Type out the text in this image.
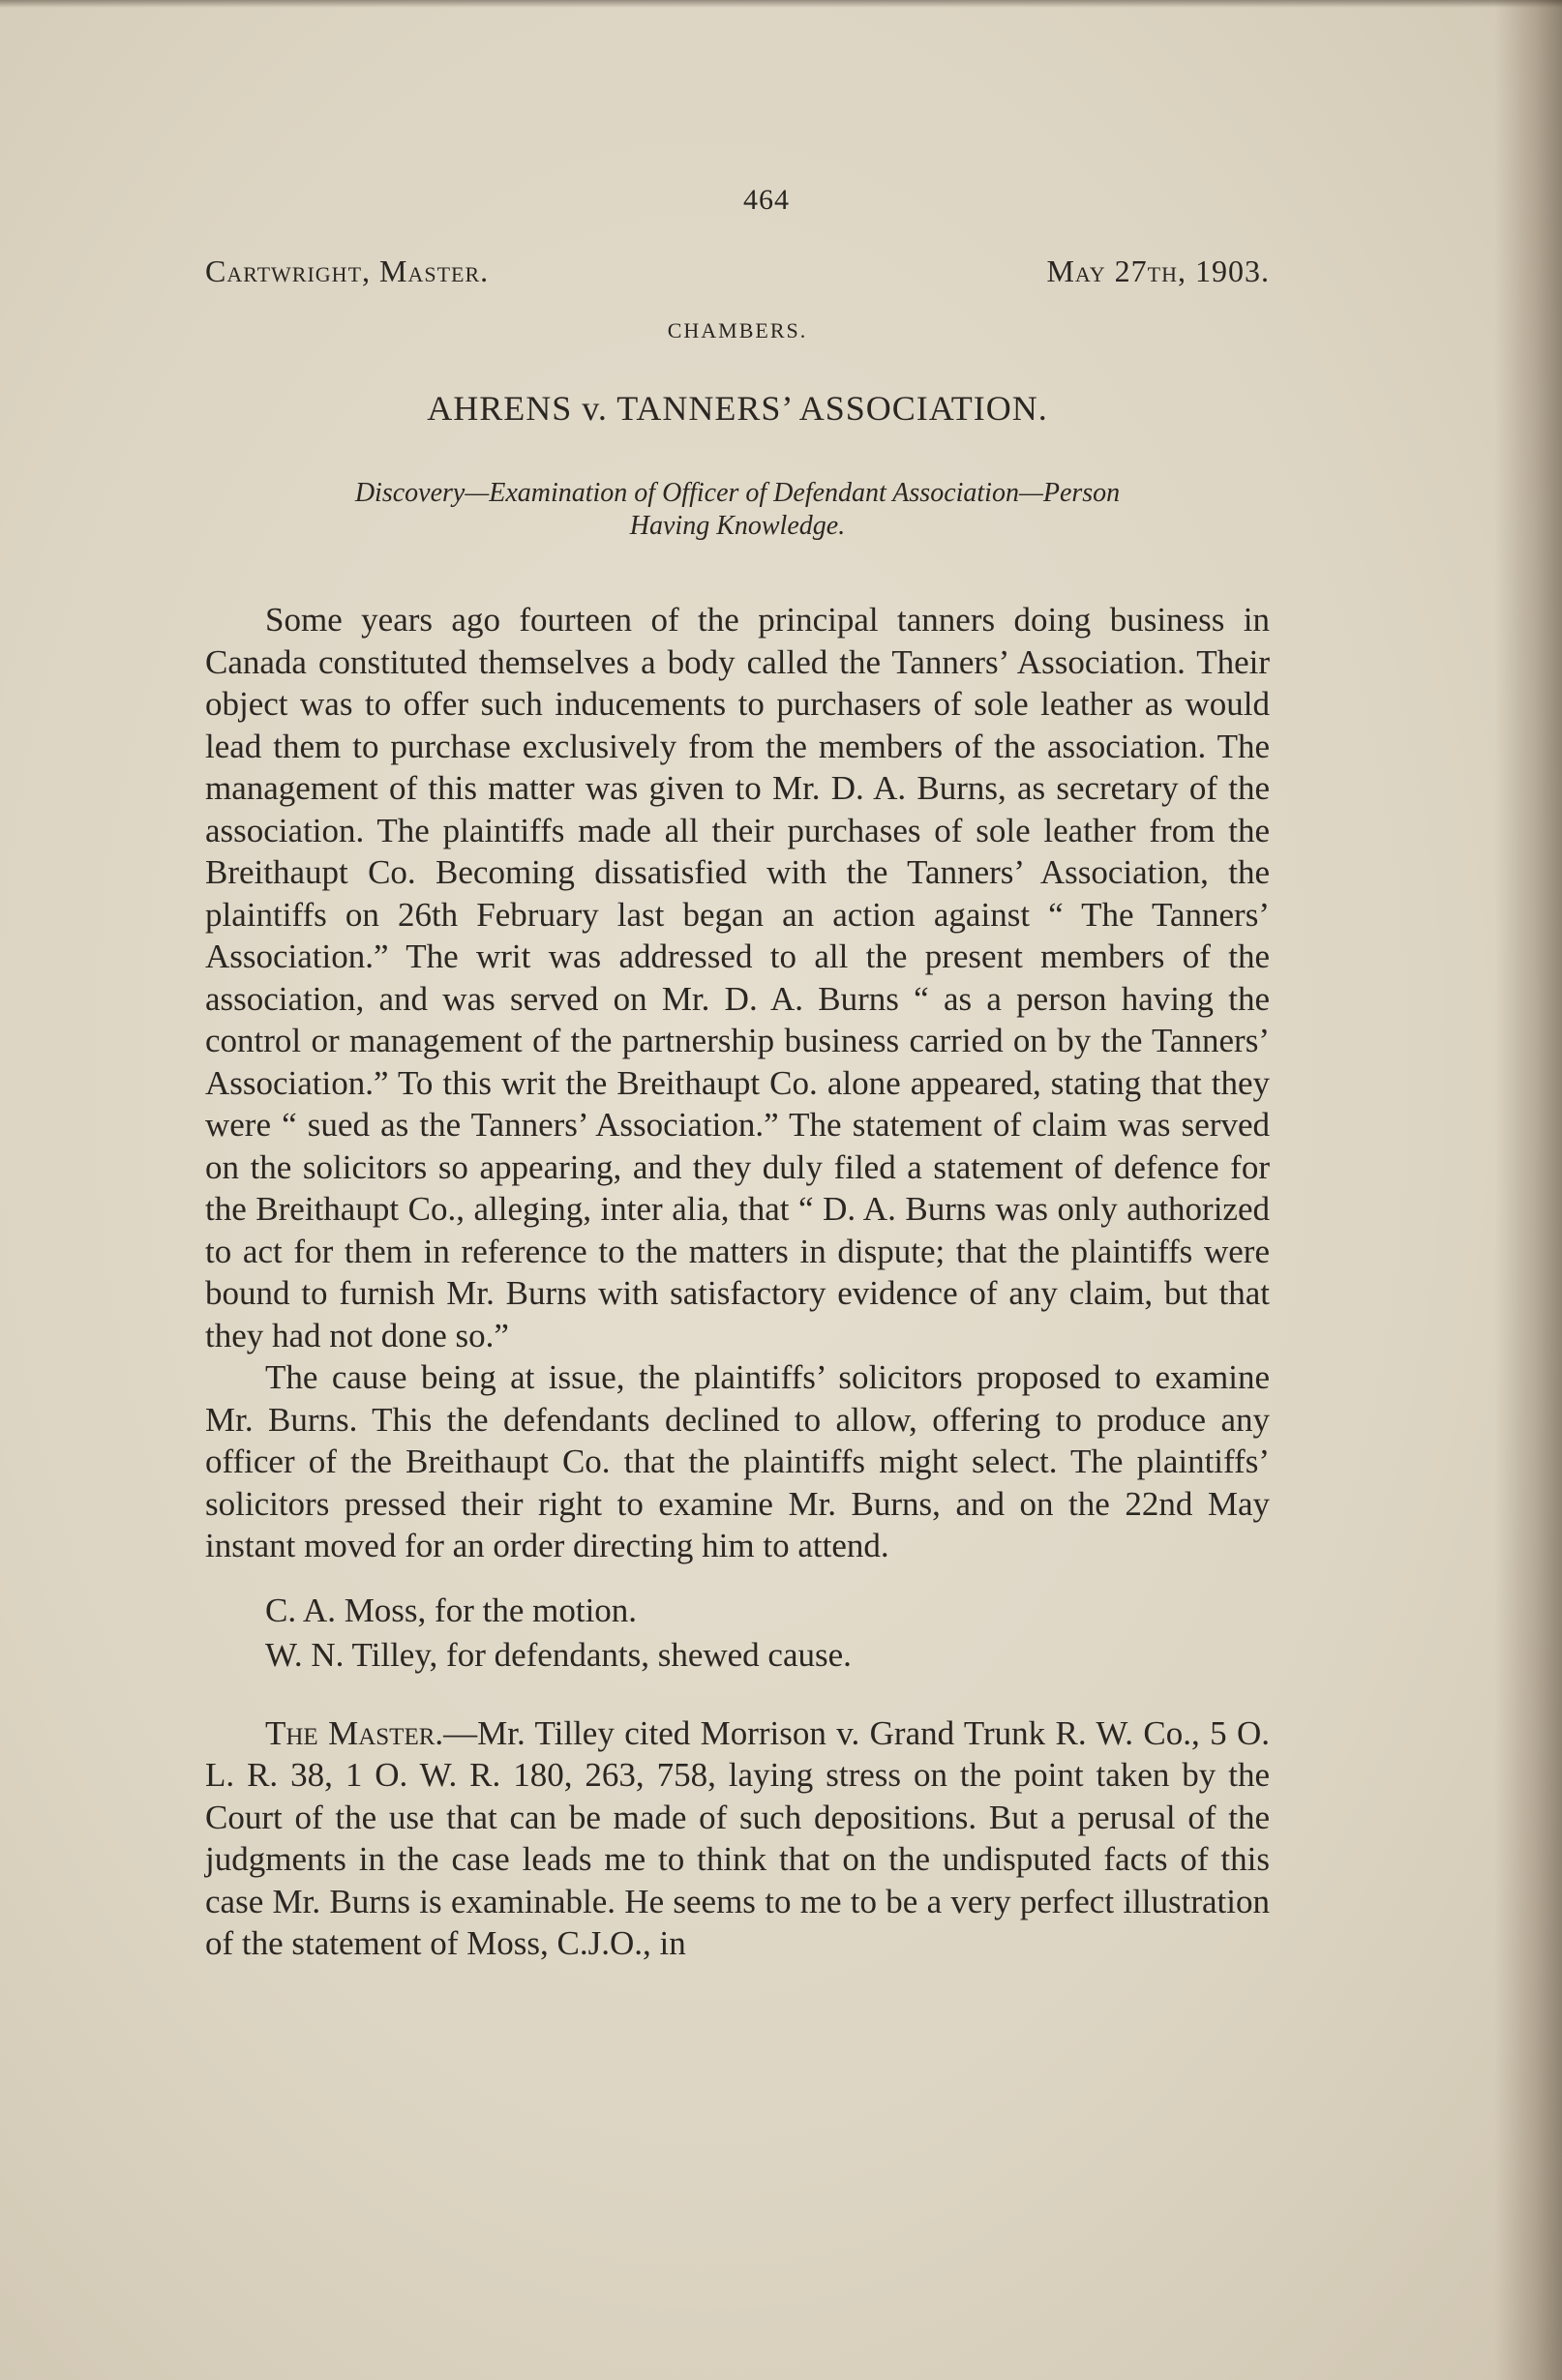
464
Cartwright, Master.	May 27th, 1903.
CHAMBERS.
AHRENS v. TANNERS’ ASSOCIATION.
Discovery—Examination of Officer of Defendant Association—Person
Having Knowledge.

Some years ago fourteen of the principal tanners doing business in Canada constituted themselves a body called the Tanners’ Association. Their object was to offer such inducements to purchasers of sole leather as would lead them to purchase exclusively from the members of the association. The management of this matter was given to Mr. D. A. Burns, as secretary of the association. The plaintiffs made all their purchases of sole leather from the Breithaupt Co. Becoming dissatisfied with the Tanners’ Association, the plaintiffs on 26th February last began an action against “ The Tanners’ Association.” The writ was addressed to all the present members of the association, and was served on Mr. D. A. Burns “ as a person having the control or management of the partnership business carried on by the Tanners’ Association.” To this writ the Breithaupt Co. alone appeared, stating that they were “ sued as the Tanners’ Association.” The statement of claim was served on the solicitors so appearing, and they duly filed a statement of defence for the Breithaupt Co., alleging, inter alia, that “ D. A. Burns was only authorized to act for them in reference to the matters in dispute; that the plaintiffs were bound to furnish Mr. Burns with satisfactory evidence of any claim, but that they had not done so.”

The cause being at issue, the plaintiffs’ solicitors proposed to examine Mr. Burns. This the defendants declined to allow, offering to produce any officer of the Breithaupt Co. that the plaintiffs might select. The plaintiffs’ solicitors pressed their right to examine Mr. Burns, and on the 22nd May instant moved for an order directing him to attend.

C. A. Moss, for the motion.
W. N. Tilley, for defendants, shewed cause.

The Master.—Mr. Tilley cited Morrison v. Grand Trunk R. W. Co., 5 O. L. R. 38, 1 O. W. R. 180, 263, 758, laying stress on the point taken by the Court of the use that can be made of such depositions. But a perusal of the judgments in the case leads me to think that on the undisputed facts of this case Mr. Burns is examinable. He seems to me to be a very perfect illustration of the statement of Moss, C.J.O., in
